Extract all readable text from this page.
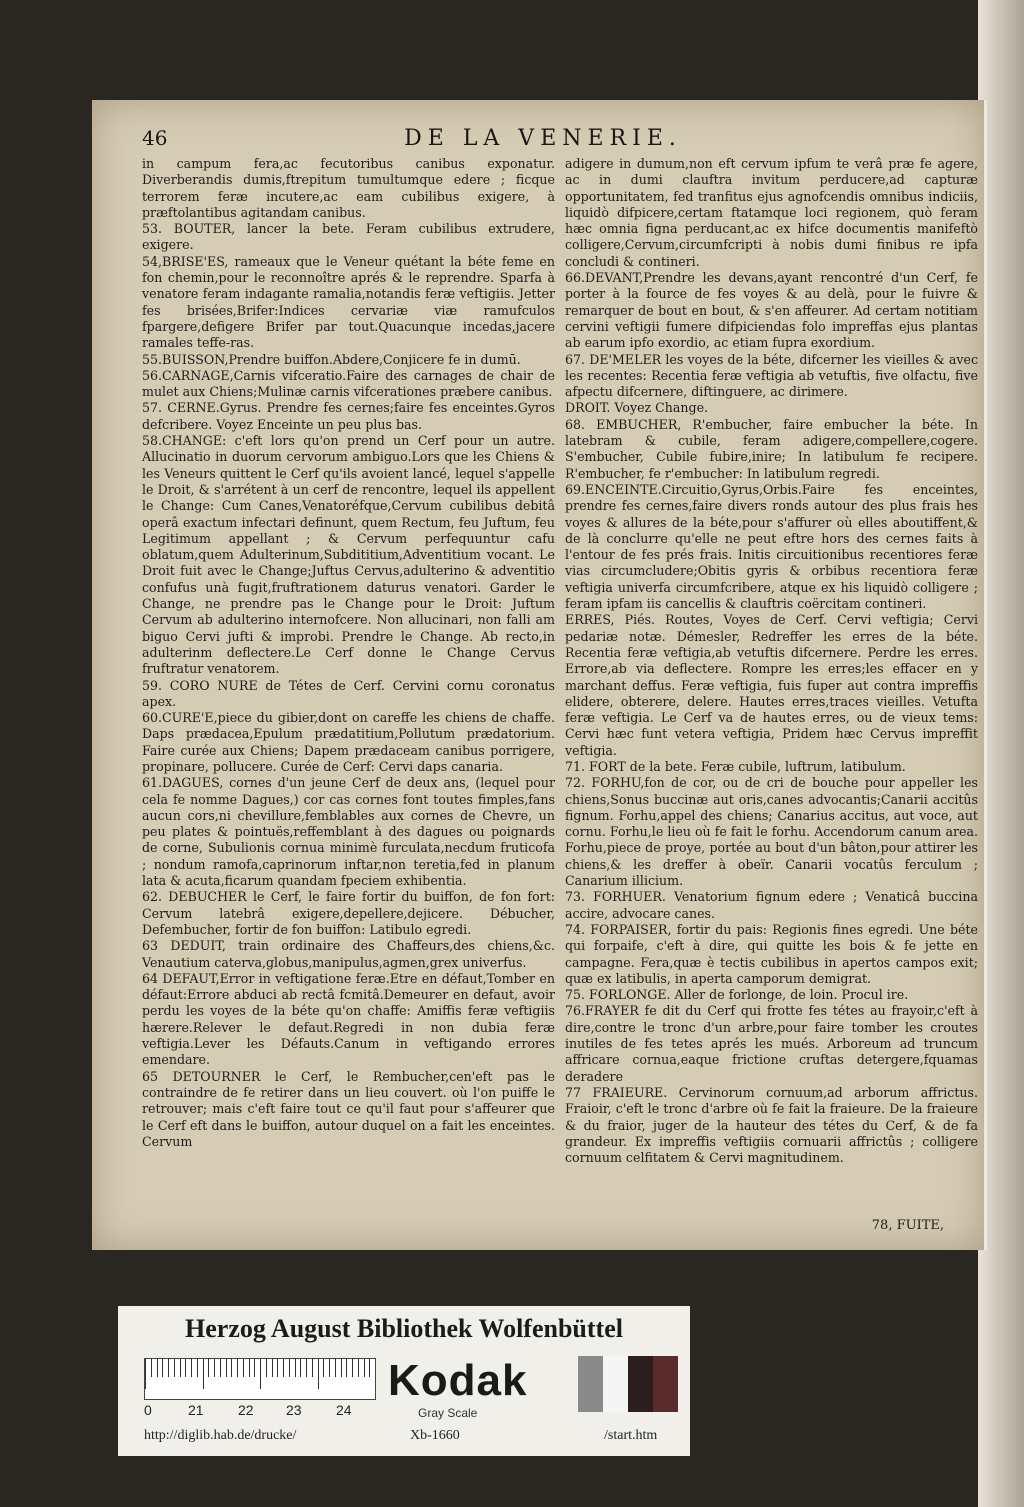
46	DE LA VENERIE.

in campum fera,ac fecutoribus canibus exponatur. Diverberandis dumis,ftrepitum tumultumque edere ; ficque terrorem feræ incutere,ac eam cubilibus exigere, à præftolantibus agitandam canibus.

53. BOUTER, lancer la bete. Feram cubilibus extrudere, exigere.

54,BRISE'ES, rameaux que le Veneur quétant la béte feme en fon chemin,pour le reconnoître aprés & le reprendre. Sparfa à venatore feram indagante ramalia,notandis feræ veftigiis. Jetter fes brisées,Brifer:Indices cervariæ viæ ramufculos fpargere,defigere Brifer par tout.Quacunque incedas,jacere ramales teffe-ras.

55.BUISSON,Prendre buiffon.Abdere,Conjicere fe in dumū.

56.CARNAGE,Carnis vifceratio.Faire des carnages de chair de mulet aux Chiens;Mulinæ carnis vifcerationes præbere canibus.

57. CERNE.Gyrus. Prendre fes cernes;faire fes enceintes.Gyros defcribere. Voyez Enceinte un peu plus bas.

58.CHANGE: c'eft lors qu'on prend un Cerf pour un autre. Allucinatio in duorum cervorum ambiguo.Lors que les Chiens & les Veneurs quittent le Cerf qu'ils avoient lancé, lequel s'appelle le Droit, & s'arrétent à un cerf de rencontre, lequel ils appellent le Change: Cum Canes,Venatoréfque,Cervum cubilibus debitâ operâ exactum infectari definunt, quem Rectum, feu Juftum, feu Legitimum appellant ; & Cervum perfequuntur cafu oblatum,quem Adulterinum,Subdititium,Adventitium vocant. Le Droit fuit avec le Change;Juftus Cervus,adulterino & adventitio confufus unà fugit,fruftrationem daturus venatori. Garder le Change, ne prendre pas le Change pour le Droit: Juftum Cervum ab adulterino internofcere. Non allucinari, non falli am biguo Cervi jufti & improbi. Prendre le Change. Ab recto,in adulterinm deflectere.Le Cerf donne le Change Cervus fruftratur venatorem.

59. CORO NURE de Tétes de Cerf. Cervini cornu coronatus apex.

60.CURE'E,piece du gibier,dont on careffe les chiens de chaffe. Daps prædacea,Epulum prædatitium,Pollutum prædatorium. Faire curée aux Chiens; Dapem prædaceam canibus porrigere, propinare, pollucere. Curée de Cerf: Cervi daps canaria.

61.DAGUES, cornes d'un jeune Cerf de deux ans, (lequel pour cela fe nomme Dagues,) cor cas cornes font toutes fimples,fans aucun cors,ni chevillure,femblables aux cornes de Chevre, un peu plates & pointuës,reffemblant à des dagues ou poignards de corne, Subulionis cornua minimè furculata,necdum fruticofa ; nondum ramofa,caprinorum inftar,non teretia,fed in planum lata & acuta,ficarum quandam fpeciem exhibentia.

62. DEBUCHER le Cerf, le faire fortir du buiffon, de fon fort: Cervum latebrâ exigere,depellere,dejicere. Débucher, Defembucher, fortir de fon buiffon: Latibulo egredi.

63 DEDUIT, train ordinaire des Chaffeurs,des chiens,&c. Venautium caterva,globus,manipulus,agmen,grex univerfus.

64 DEFAUT,Error in veftigatione feræ.Etre en défaut,Tomber en défaut:Errore abduci ab rectâ fcmitâ.Demeurer en defaut, avoir perdu les voyes de la béte qu'on chaffe: Amiffis feræ veftigiis hærere.Relever le defaut.Regredi in non dubia feræ veftigia.Lever les Défauts.Canum in veftigando errores emendare.

65 DETOURNER le Cerf, le Rembucher,cen'eft pas le contraindre de fe retirer dans un lieu couvert. où l'on puiffe le retrouver; mais c'eft faire tout ce qu'il faut pour s'affeurer que le Cerf eft dans le buiffon, autour duquel on a fait les enceintes. Cervum

adigere in dumum,non eft cervum ipfum te verâ præ fe agere, ac in dumi clauftra invitum perducere,ad capturæ opportunitatem, fed tranfitus ejus agnofcendis omnibus indiciis, liquidò difpicere,certam ftatamque loci regionem, quò feram hæc omnia figna perducant,ac ex hifce documentis manifeftò colligere,Cervum,circumfcripti à nobis dumi finibus re ipfa concludi & contineri.

66.DEVANT,Prendre les devans,ayant rencontré d'un Cerf, fe porter à la fource de fes voyes & au delà, pour le fuivre & remarquer de bout en bout, & s'en affeurer. Ad certam notitiam cervini veftigii fumere difpiciendas folo impreffas ejus plantas ab earum ipfo exordio, ac etiam fupra exordium.

67. DE'MELER les voyes de la béte, difcerner les vieilles & avec les recentes: Recentia feræ veftigia ab vetuftis, five olfactu, five afpectu difcernere, diftinguere, ac dirimere.

DROIT. Voyez Change.

68. EMBUCHER, R'embucher, faire embucher la béte. In latebram & cubile, feram adigere,compellere,cogere. S'embucher, Cubile fubire,inire; In latibulum fe recipere. R'embucher, fe r'embucher: In latibulum regredi.

69.ENCEINTE.Circuitio,Gyrus,Orbis.Faire fes enceintes, prendre fes cernes,faire divers ronds autour des plus frais hes voyes & allures de la béte,pour s'affurer où elles aboutiffent,& de là conclurre qu'elle ne peut eftre hors des cernes faits à l'entour de fes prés frais. Initis circuitionibus recentiores feræ vias circumcludere;Obitis gyris & orbibus recentiora feræ veftigia univerfa circumfcribere, atque ex his liquidò colligere ; feram ipfam iis cancellis & clauftris coërcitam contineri.

ERRES, Piés. Routes, Voyes de Cerf. Cervi veftigia; Cervi pedariæ notæ. Démesler, Redreffer les erres de la béte. Recentia feræ veftigia,ab vetuftis difcernere. Perdre les erres. Errore,ab via deflectere. Rompre les erres;les effacer en y marchant deffus. Feræ veftigia, fuis fuper aut contra impreffis elidere, obterere, delere. Hautes erres,traces vieilles. Vetufta feræ veftigia. Le Cerf va de hautes erres, ou de vieux tems: Cervi hæc funt vetera veftigia, Pridem hæc Cervus impreffit veftigia.

71. FORT de la bete. Feræ cubile, luftrum, latibulum.

72. FORHU,fon de cor, ou de cri de bouche pour appeller les chiens,Sonus buccinæ aut oris,canes advocantis;Canarii accitûs fignum. Forhu,appel des chiens; Canarius accitus, aut voce, aut cornu. Forhu,le lieu où fe fait le forhu. Accendorum canum area. Forhu,piece de proye, portée au bout d'un bâton,pour attirer les chiens,& les dreffer à obeïr. Canarii vocatûs ferculum ; Canarium illicium.

73. FORHUER. Venatorium fignum edere ; Venaticâ buccina accire, advocare canes.

74. FORPAISER, fortir du pais: Regionis fines egredi. Une béte qui forpaife, c'eft à dire, qui quitte les bois & fe jette en campagne. Fera,quæ è tectis cubilibus in apertos campos exit; quæ ex latibulis, in aperta camporum demigrat.

75. FORLONGE. Aller de forlonge, de loin. Procul ire.

76.FRAYER fe dit du Cerf qui frotte fes tétes au frayoir,c'eft à dire,contre le tronc d'un arbre,pour faire tomber les croutes inutiles de fes tetes aprés les mués. Arboreum ad truncum affricare cornua,eaque frictione cruftas detergere,fquamas deradere

77 FRAIEURE. Cervinorum cornuum,ad arborum affrictus. Fraioir, c'eft le tronc d'arbre où fe fait la fraieure. De la fraieure & du fraior, juger de la hauteur des tétes du Cerf, & de fa grandeur. Ex impreffis veftigiis cornuarii affrictûs ; colligere cornuum celfitatem & Cervi magnitudinem.

78, FUITE,
Herzog August Bibliothek Wolfenbüttel
0	21 22 23 24
Kodak
Gray Scale
http://diglib.hab.de/drucke/	Xb-1660	/start.htm
